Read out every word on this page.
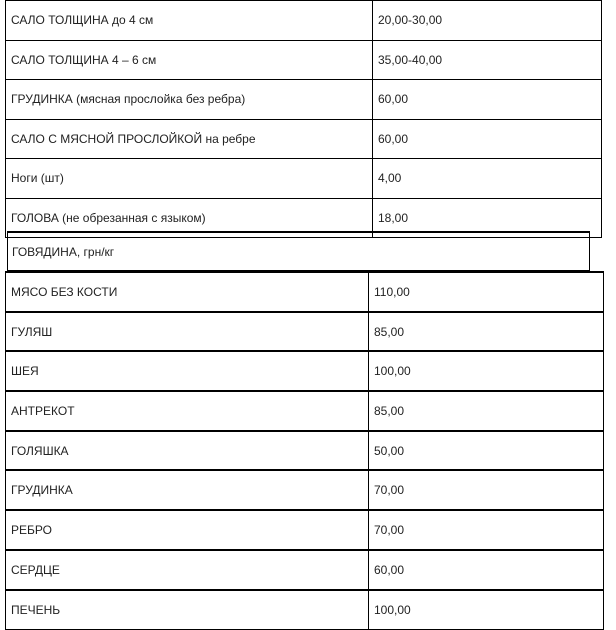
САЛО ТОЛЩИНА до 4 см	20,00-30,00
САЛО ТОЛЩИНА 4 – 6 см	35,00-40,00
ГРУДИНКА (мясная прослойка без ребра)	60,00
САЛО С МЯСНОЙ ПРОСЛОЙКОЙ на ребре	60,00
Ноги (шт)	4,00
ГОЛОВА (не обрезанная с языком)	18,00
ГОВЯДИНА, грн/кг
МЯСО БЕЗ КОСТИ	110,00
ГУЛЯШ	85,00
ШЕЯ	100,00
АНТРЕКОТ	85,00
ГОЛЯШКА	50,00
ГРУДИНКА	70,00
РЕБРО	70,00
СЕРДЦЕ	60,00
ПЕЧЕНЬ	100,00
